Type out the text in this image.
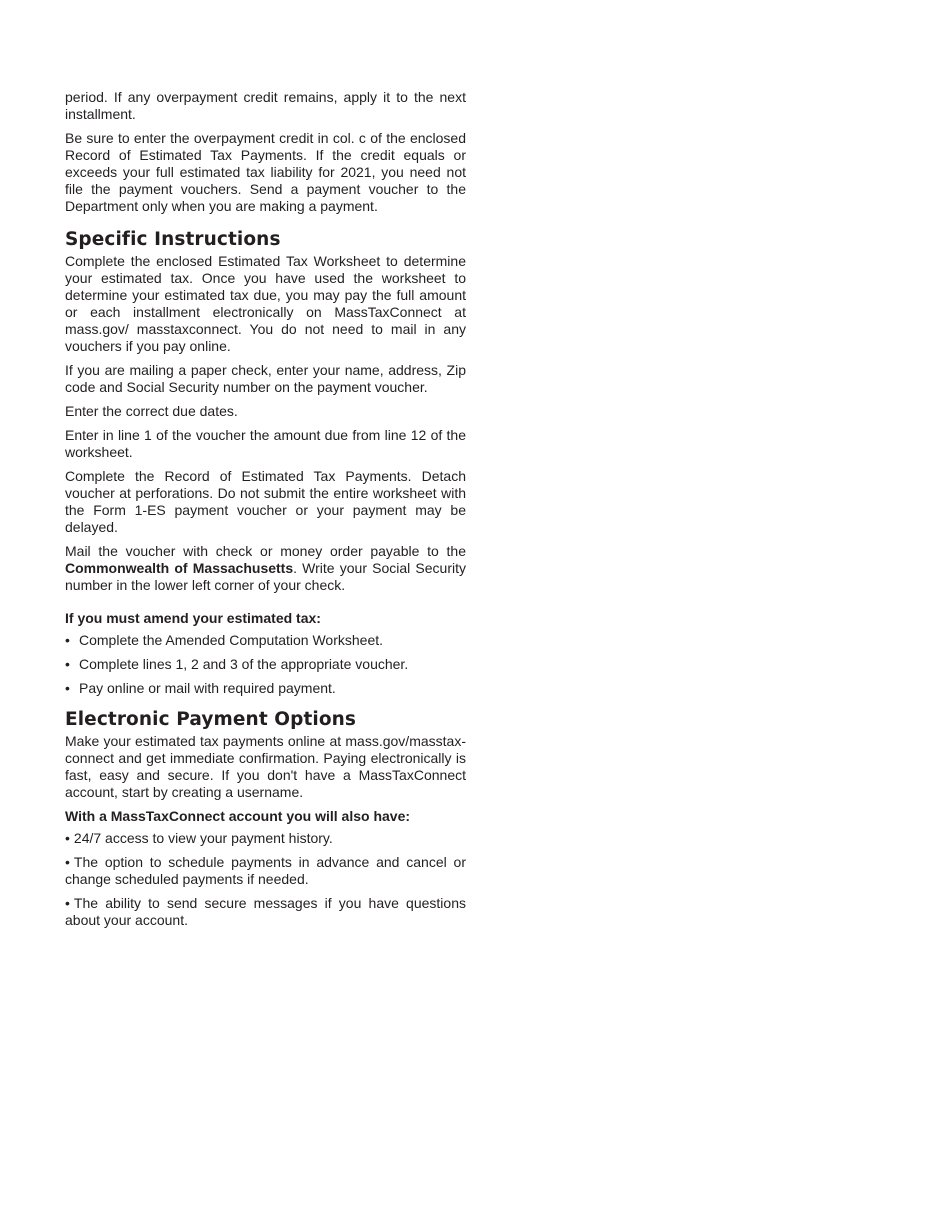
period. If any overpayment credit remains, apply it to the next installment.

Be sure to enter the overpayment credit in col. c of the enclosed Record of Estimated Tax Payments. If the credit equals or exceeds your full estimated tax liability for 2021, you need not file the payment vouchers. Send a payment voucher to the Department only when you are making a payment.

Specific Instructions

Complete the enclosed Estimated Tax Worksheet to determine your estimated tax. Once you have used the worksheet to determine your estimated tax due, you may pay the full amount or each installment electronically on MassTaxConnect at mass.gov/ masstaxconnect. You do not need to mail in any vouchers if you pay online.

If you are mailing a paper check, enter your name, address, Zip code and Social Security number on the payment voucher.

Enter the correct due dates.

Enter in line 1 of the voucher the amount due from line 12 of the worksheet.

Complete the Record of Estimated Tax Payments. Detach voucher at perforations. Do not submit the entire worksheet with the Form 1-ES payment voucher or your payment may be delayed.

Mail the voucher with check or money order payable to the Commonwealth of Massachusetts. Write your Social Security number in the lower left corner of your check.

If you must amend your estimated tax:

• Complete the Amended Computation Worksheet.
• Complete lines 1, 2 and 3 of the appropriate voucher.
• Pay online or mail with required payment.
Electronic Payment Options

Make your estimated tax payments online at mass.gov/masstaxconnect and get immediate confirmation. Paying electronically is fast, easy and secure. If you don't have a MassTaxConnect account, start by creating a username.

With a MassTaxConnect account you will also have:

• 24/7 access to view your payment history.

• The option to schedule payments in advance and cancel or change scheduled payments if needed.

• The ability to send secure messages if you have questions about your account.
